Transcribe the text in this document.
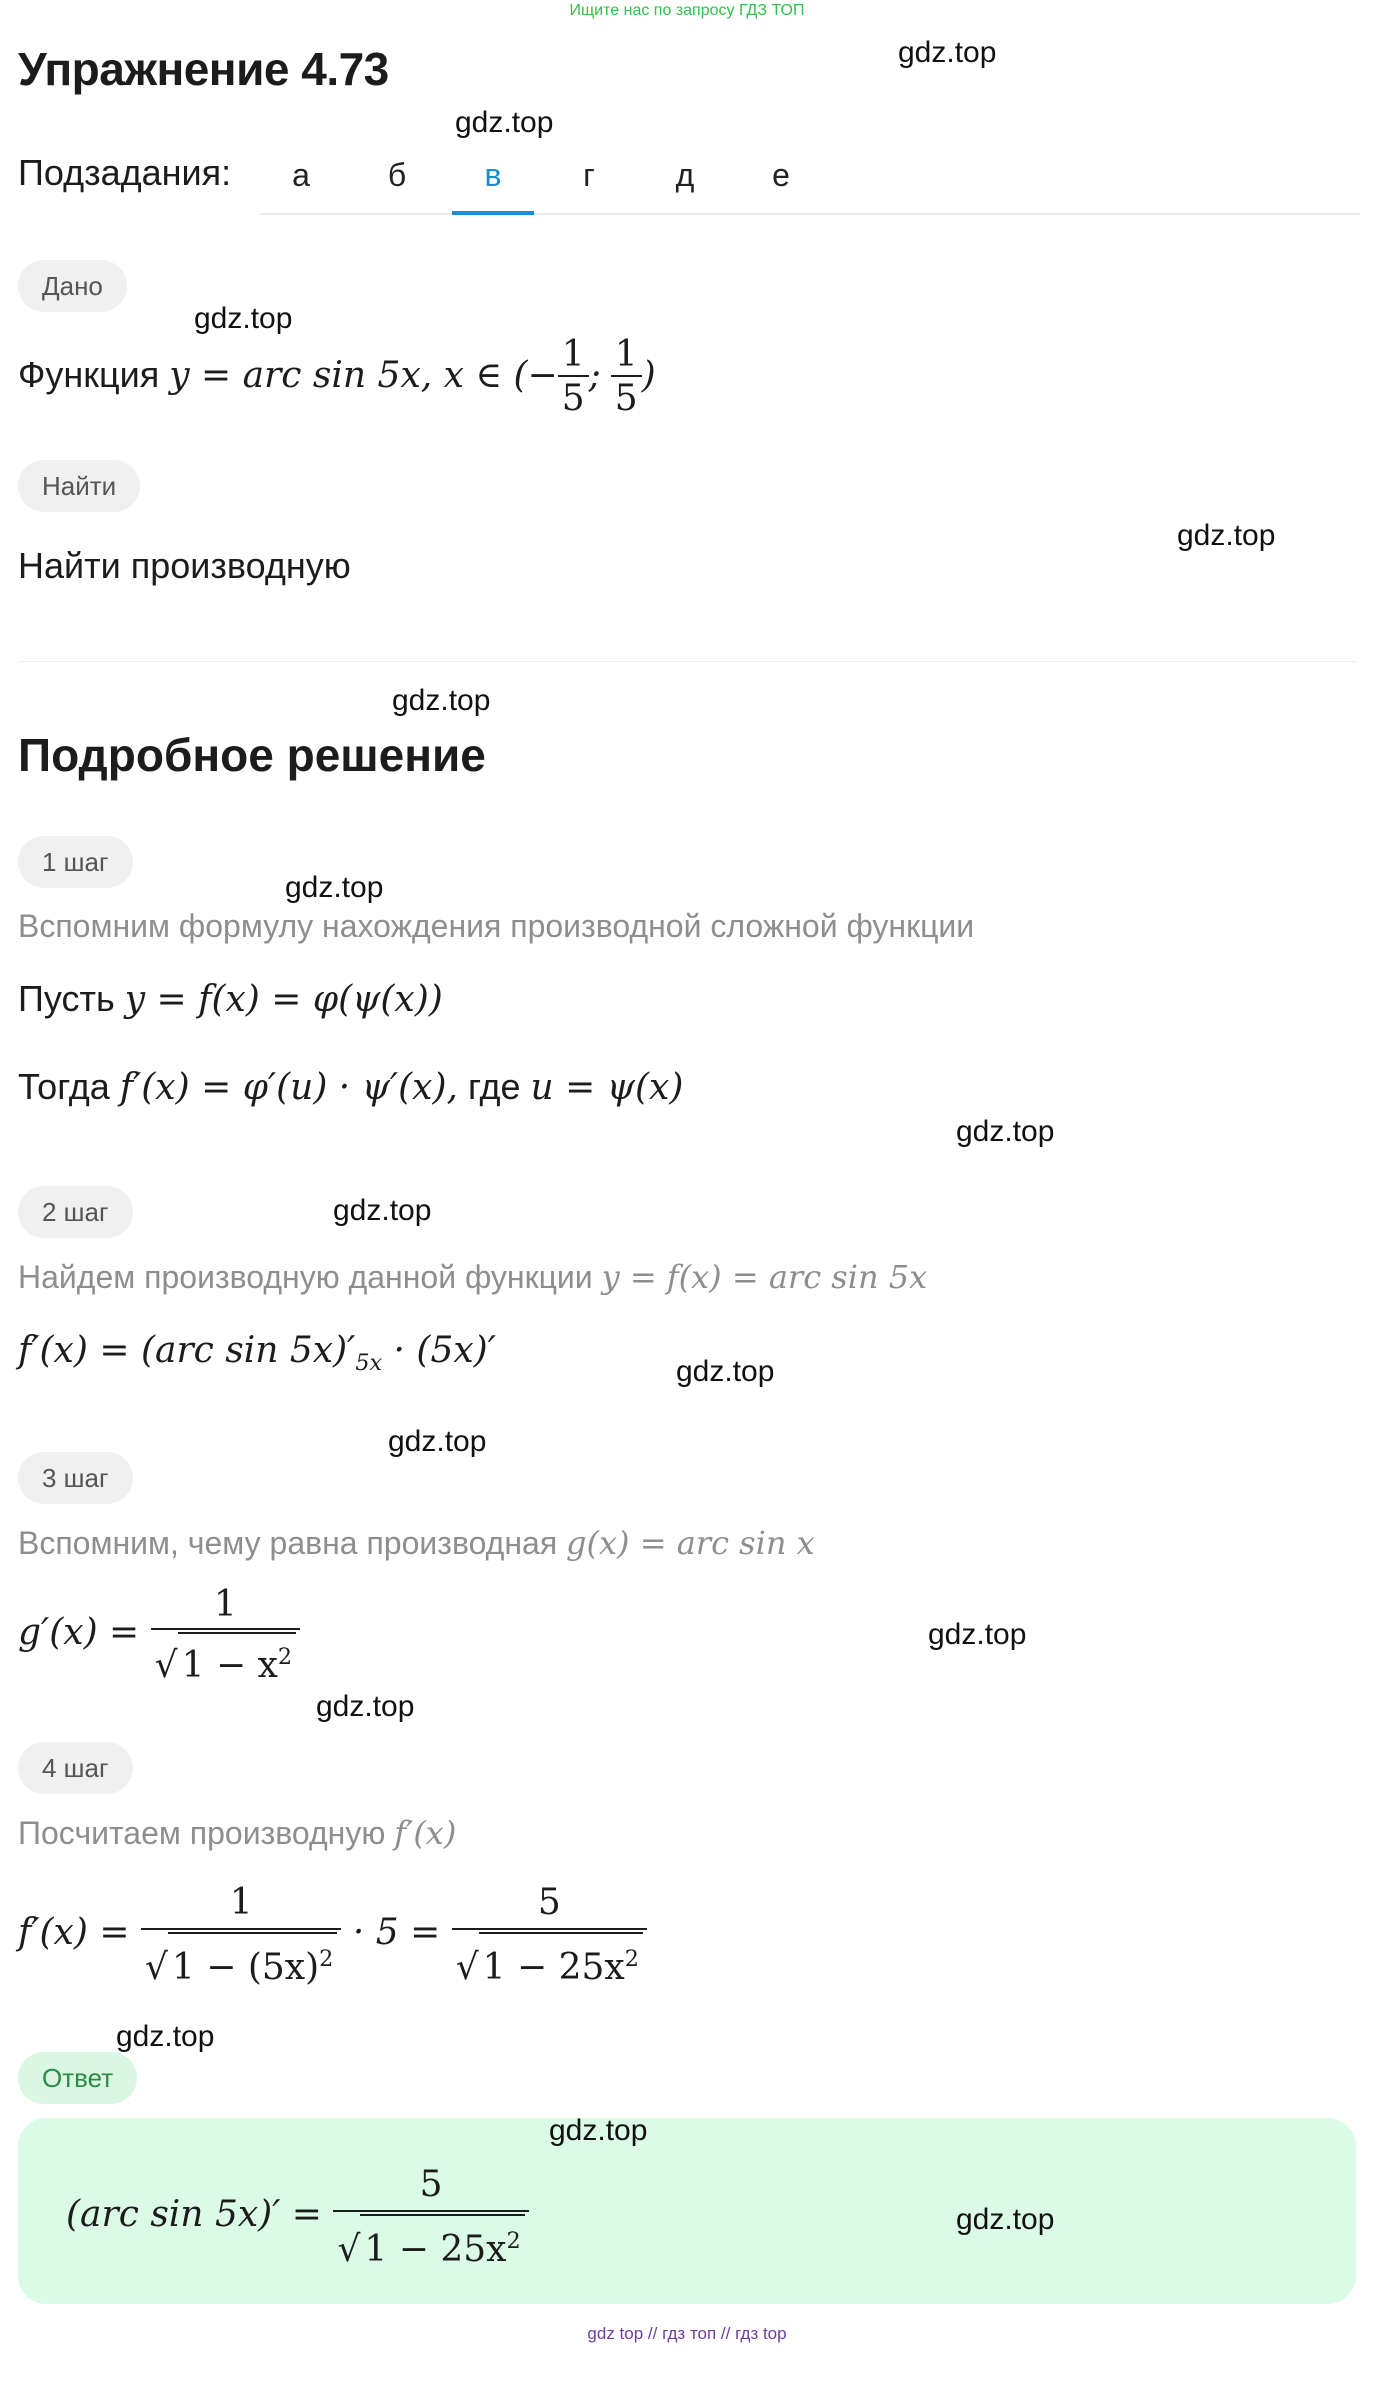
Ищите нас по запросу ГДЗ ТОП
Упражнение 4.73
Подзадания:	а	б	в	г	д	е
Дано
Функция y = arc sin 5x, x ∈ (− $\frac{1}{5}$ ; $\frac{1}{5}$ )
Найти
Найти производную
Подробное решение
1 шаг
Вспомним формулу нахождения производной сложной функции
Пусть y = f(x) = φ(ψ(x))
Тогда f′(x) = φ′(u) · ψ′(x), где u = ψ(x)
2 шаг
Найдем производную данной функции y = f(x) = arc sin 5x
f′(x) = (arc $\sin 5x)'_{5x} \cdot (5x)'$
3 шаг
Вспомним, чему равна производная g(x) = arc sin x
$g'(x) = \frac{1}{√ 1 - x^2}$
4 шаг
Посчитаем производную f′(x)
$f'(x) = \frac{1}{√ 1 - (5x)^2} \cdot 5 = \frac{5}{√ 1 - 25x^2}$
Ответ
(arc $\sin 5x)' = \frac{5}{√ 1 - 25x^2}$
gdz.top
gdz.top
gdz.top
gdz.top
gdz.top
gdz.top
gdz.top
gdz.top
gdz.top
gdz.top
gdz.top
gdz.top
gdz.top
gdz.top
gdz.top
gdz top // гдз топ // гдз top
